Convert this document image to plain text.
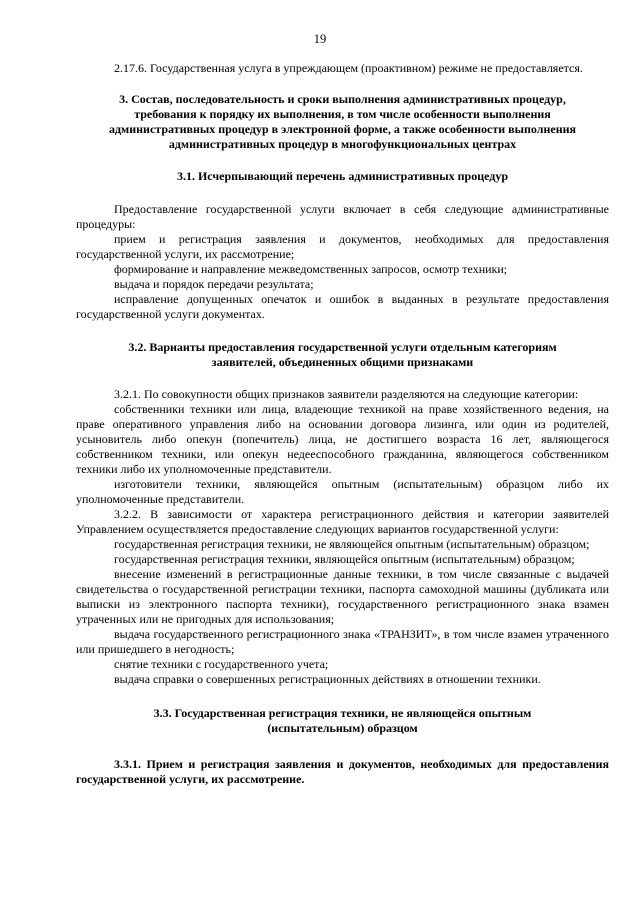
19

2.17.6. Государственная услуга в упреждающем (проактивном) режиме не предоставляется.

3. Состав, последовательность и сроки выполнения административных процедур, требования к порядку их выполнения, в том числе особенности выполнения административных процедур в электронной форме, а также особенности выполнения административных процедур в многофункциональных центрах

3.1. Исчерпывающий перечень административных процедур

Предоставление государственной услуги включает в себя следующие административные процедуры:

прием и регистрация заявления и документов, необходимых для предоставления государственной услуги, их рассмотрение;

формирование и направление межведомственных запросов, осмотр техники;

выдача и порядок передачи результата;

исправление допущенных опечаток и ошибок в выданных в результате предоставления государственной услуги документах.

3.2. Варианты предоставления государственной услуги отдельным категориям заявителей, объединенных общими признаками

3.2.1. По совокупности общих признаков заявители разделяются на следующие категории:

собственники техники или лица, владеющие техникой на праве хозяйственного ведения, на праве оперативного управления либо на основании договора лизинга, или один из родителей, усыновитель либо опекун (попечитель) лица, не достигшего возраста 16 лет, являющегося собственником техники, или опекун недееспособного гражданина, являющегося собственником техники либо их уполномоченные представители.

изготовители техники, являющейся опытным (испытательным) образцом либо их уполномоченные представители.

3.2.2. В зависимости от характера регистрационного действия и категории заявителей Управлением осуществляется предоставление следующих вариантов государственной услуги:

государственная регистрация техники, не являющейся опытным (испытательным) образцом;

государственная регистрация техники, являющейся опытным (испытательным) образцом;

внесение изменений в регистрационные данные техники, в том числе связанные с выдачей свидетельства о государственной регистрации техники, паспорта самоходной машины (дубликата или выписки из электронного паспорта техники), государственного регистрационного знака взамен утраченных или не пригодных для использования;

выдача государственного регистрационного знака «ТРАНЗИТ», в том числе взамен утраченного или пришедшего в негодность;

снятие техники с государственного учета;

выдача справки о совершенных регистрационных действиях в отношении техники.

3.3. Государственная регистрация техники, не являющейся опытным (испытательным) образцом

3.3.1. Прием и регистрация заявления и документов, необходимых для предоставления государственной услуги, их рассмотрение.
